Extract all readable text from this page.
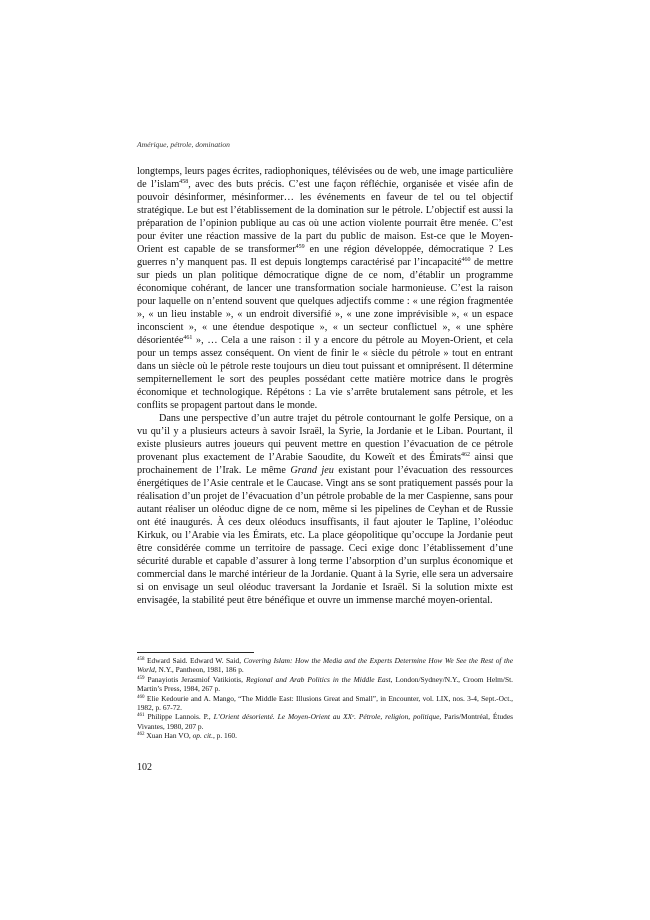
Amérique, pétrole, domination

longtemps, leurs pages écrites, radiophoniques, télévisées ou de web, une image particulière de l’islam$^{458}$, avec des buts précis. C’est une façon réfléchie, organisée et visée afin de pouvoir désinformer, mésinformer… les événements en faveur de tel ou tel objectif stratégique. Le but est l’établissement de la domination sur le pétrole. L’objectif est aussi la préparation de l’opinion publique au cas où une action violente pourrait être menée. C’est pour éviter une réaction massive de la part du public de maison. Est-ce que le Moyen-Orient est capable de se transformer$^{459}$ en une région développée, démocratique ? Les guerres n’y manquent pas. Il est depuis longtemps caractérisé par l’incapacité$^{460}$ de mettre sur pieds un plan politique démocratique digne de ce nom, d’établir un programme économique cohérant, de lancer une transformation sociale harmonieuse. C’est la raison pour laquelle on n’entend souvent que quelques adjectifs comme : « une région fragmentée », « un lieu instable », « un endroit diversifié », « une zone imprévisible », « un espace inconscient », « une étendue despotique », « un secteur conflictuel », « une sphère désorientée$^{461}$ », … Cela a une raison : il y a encore du pétrole au Moyen-Orient, et cela pour un temps assez conséquent. On vient de finir le « siècle du pétrole » tout en entrant dans un siècle où le pétrole reste toujours un dieu tout puissant et omniprésent. Il détermine sempiternellement le sort des peuples possédant cette matière motrice dans le progrès économique et technologique. Répétons : La vie s’arrête brutalement sans pétrole, et les conflits se propagent partout dans le monde.

Dans une perspective d’un autre trajet du pétrole contournant le golfe Persique, on a vu qu’il y a plusieurs acteurs à savoir Israël, la Syrie, la Jordanie et le Liban. Pourtant, il existe plusieurs autres joueurs qui peuvent mettre en question l’évacuation de ce pétrole provenant plus exactement de l’Arabie Saoudite, du Koweït et des Émirats$^{462}$ ainsi que prochainement de l’Irak. Le même Grand jeu existant pour l’évacuation des ressources énergétiques de l’Asie centrale et le Caucase. Vingt ans se sont pratiquement passés pour la réalisation d’un projet de l’évacuation d’un pétrole probable de la mer Caspienne, sans pour autant réaliser un oléoduc digne de ce nom, même si les pipelines de Ceyhan et de Russie ont été inaugurés. À ces deux oléoducs insuffisants, il faut ajouter le Tapline, l’oléoduc Kirkuk, ou l’Arabie via les Émirats, etc. La place géopolitique qu’occupe la Jordanie peut être considérée comme un territoire de passage. Ceci exige donc l’établissement d’une sécurité durable et capable d’assurer à long terme l’absorption d’un surplus économique et commercial dans le marché intérieur de la Jordanie. Quant à la Syrie, elle sera un adversaire si on envisage un seul oléoduc traversant la Jordanie et Israël. Si la solution mixte est envisagée, la stabilité peut être bénéfique et ouvre un immense marché moyen-oriental.

$^{458}$ Edward Said. Edward W. Said, Covering Islam: How the Media and the Experts Determine How We See the Rest of the World, N.Y., Pantheon, 1981, 186 p.

$^{459}$ Panayiotis Jerasmiof Vatikiotis, Regional and Arab Politics in the Middle East, London/Sydney/N.Y., Croom Helm/St. Martin’s Press, 1984, 267 p.

$^{460}$ Elie Kedourie and A. Mango, “The Middle East: Illusions Great and Small”, in Encounter, vol. LIX, nos. 3-4, Sept.-Oct., 1982, p. 67-72.

$^{461}$ Philippe Lannois. P., L’Orient désorienté. Le Moyen-Orient au XXᵉ. Pétrole, religion, politique, Paris/Montréal, Études Vivantes, 1980, 207 p.

$^{462}$ Xuan Han VO, op. cit., p. 160.

102
